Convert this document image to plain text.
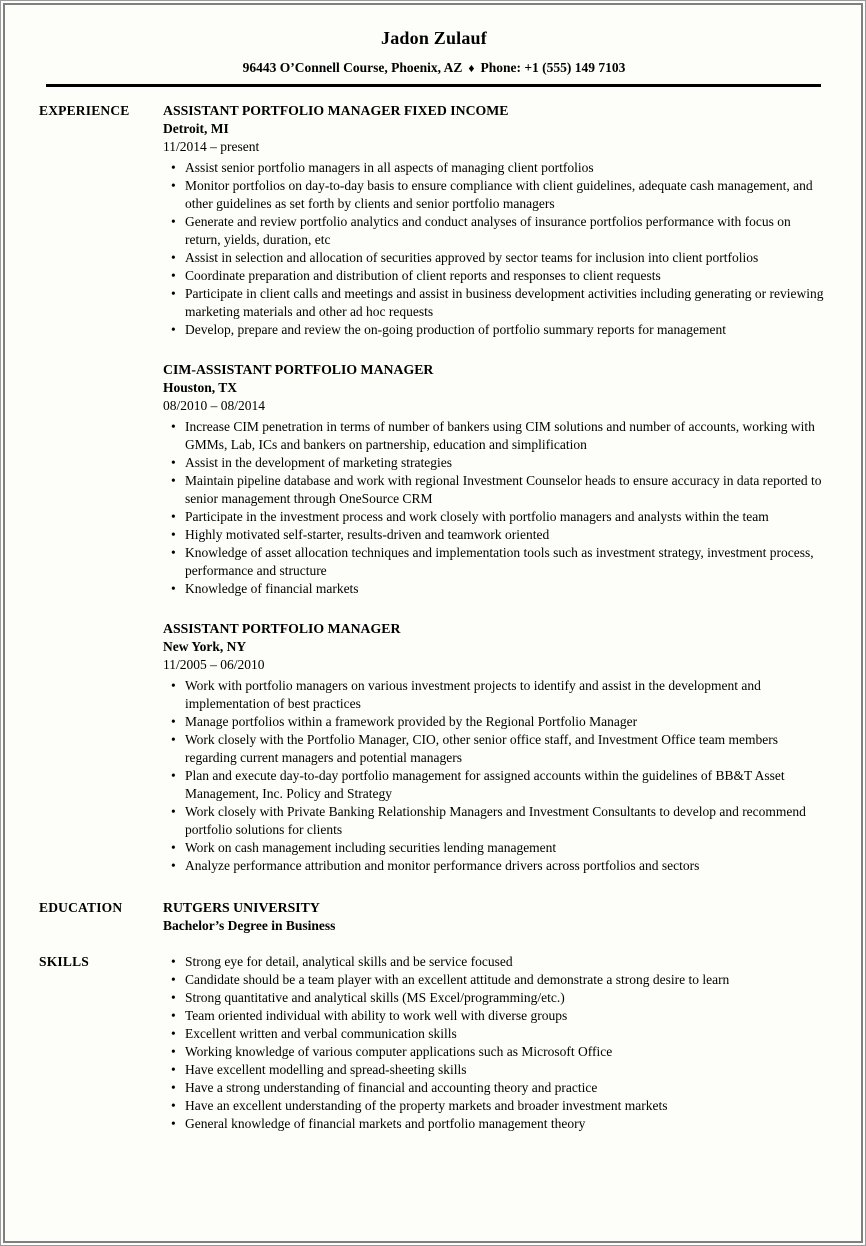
Jadon Zulauf
96443 O’Connell Course, Phoenix, AZ ♦ Phone: +1 (555) 149 7103
EXPERIENCE	ASSISTANT PORTFOLIO MANAGER FIXED INCOME
Detroit, MI
11/2014 – present
• Assist senior portfolio managers in all aspects of managing client portfolios
• Monitor portfolios on day-to-day basis to ensure compliance with client guidelines, adequate cash management, and other guidelines as set forth by clients and senior portfolio managers
• Generate and review portfolio analytics and conduct analyses of insurance portfolios performance with focus on return, yields, duration, etc
• Assist in selection and allocation of securities approved by sector teams for inclusion into client portfolios
• Coordinate preparation and distribution of client reports and responses to client requests
• Participate in client calls and meetings and assist in business development activities including generating or reviewing marketing materials and other ad hoc requests
• Develop, prepare and review the on-going production of portfolio summary reports for management
CIM-ASSISTANT PORTFOLIO MANAGER
Houston, TX
08/2010 – 08/2014
• Increase CIM penetration in terms of number of bankers using CIM solutions and number of accounts, working with GMMs, Lab, ICs and bankers on partnership, education and simplification
• Assist in the development of marketing strategies
• Maintain pipeline database and work with regional Investment Counselor heads to ensure accuracy in data reported to senior management through OneSource CRM
• Participate in the investment process and work closely with portfolio managers and analysts within the team
• Highly motivated self-starter, results-driven and teamwork oriented
• Knowledge of asset allocation techniques and implementation tools such as investment strategy, investment process, performance and structure
• Knowledge of financial markets
ASSISTANT PORTFOLIO MANAGER
New York, NY
11/2005 – 06/2010
• Work with portfolio managers on various investment projects to identify and assist in the development and implementation of best practices
• Manage portfolios within a framework provided by the Regional Portfolio Manager
• Work closely with the Portfolio Manager, CIO, other senior office staff, and Investment Office team members regarding current managers and potential managers
• Plan and execute day-to-day portfolio management for assigned accounts within the guidelines of BB&T Asset Management, Inc. Policy and Strategy
• Work closely with Private Banking Relationship Managers and Investment Consultants to develop and recommend portfolio solutions for clients
• Work on cash management including securities lending management
• Analyze performance attribution and monitor performance drivers across portfolios and sectors
EDUCATION	RUTGERS UNIVERSITY
Bachelor’s Degree in Business
SKILLS	• Strong eye for detail, analytical skills and be service focused
• Candidate should be a team player with an excellent attitude and demonstrate a strong desire to learn
• Strong quantitative and analytical skills (MS Excel/programming/etc.)
• Team oriented individual with ability to work well with diverse groups
• Excellent written and verbal communication skills
• Working knowledge of various computer applications such as Microsoft Office
• Have excellent modelling and spread-sheeting skills
• Have a strong understanding of financial and accounting theory and practice
• Have an excellent understanding of the property markets and broader investment markets
• General knowledge of financial markets and portfolio management theory
